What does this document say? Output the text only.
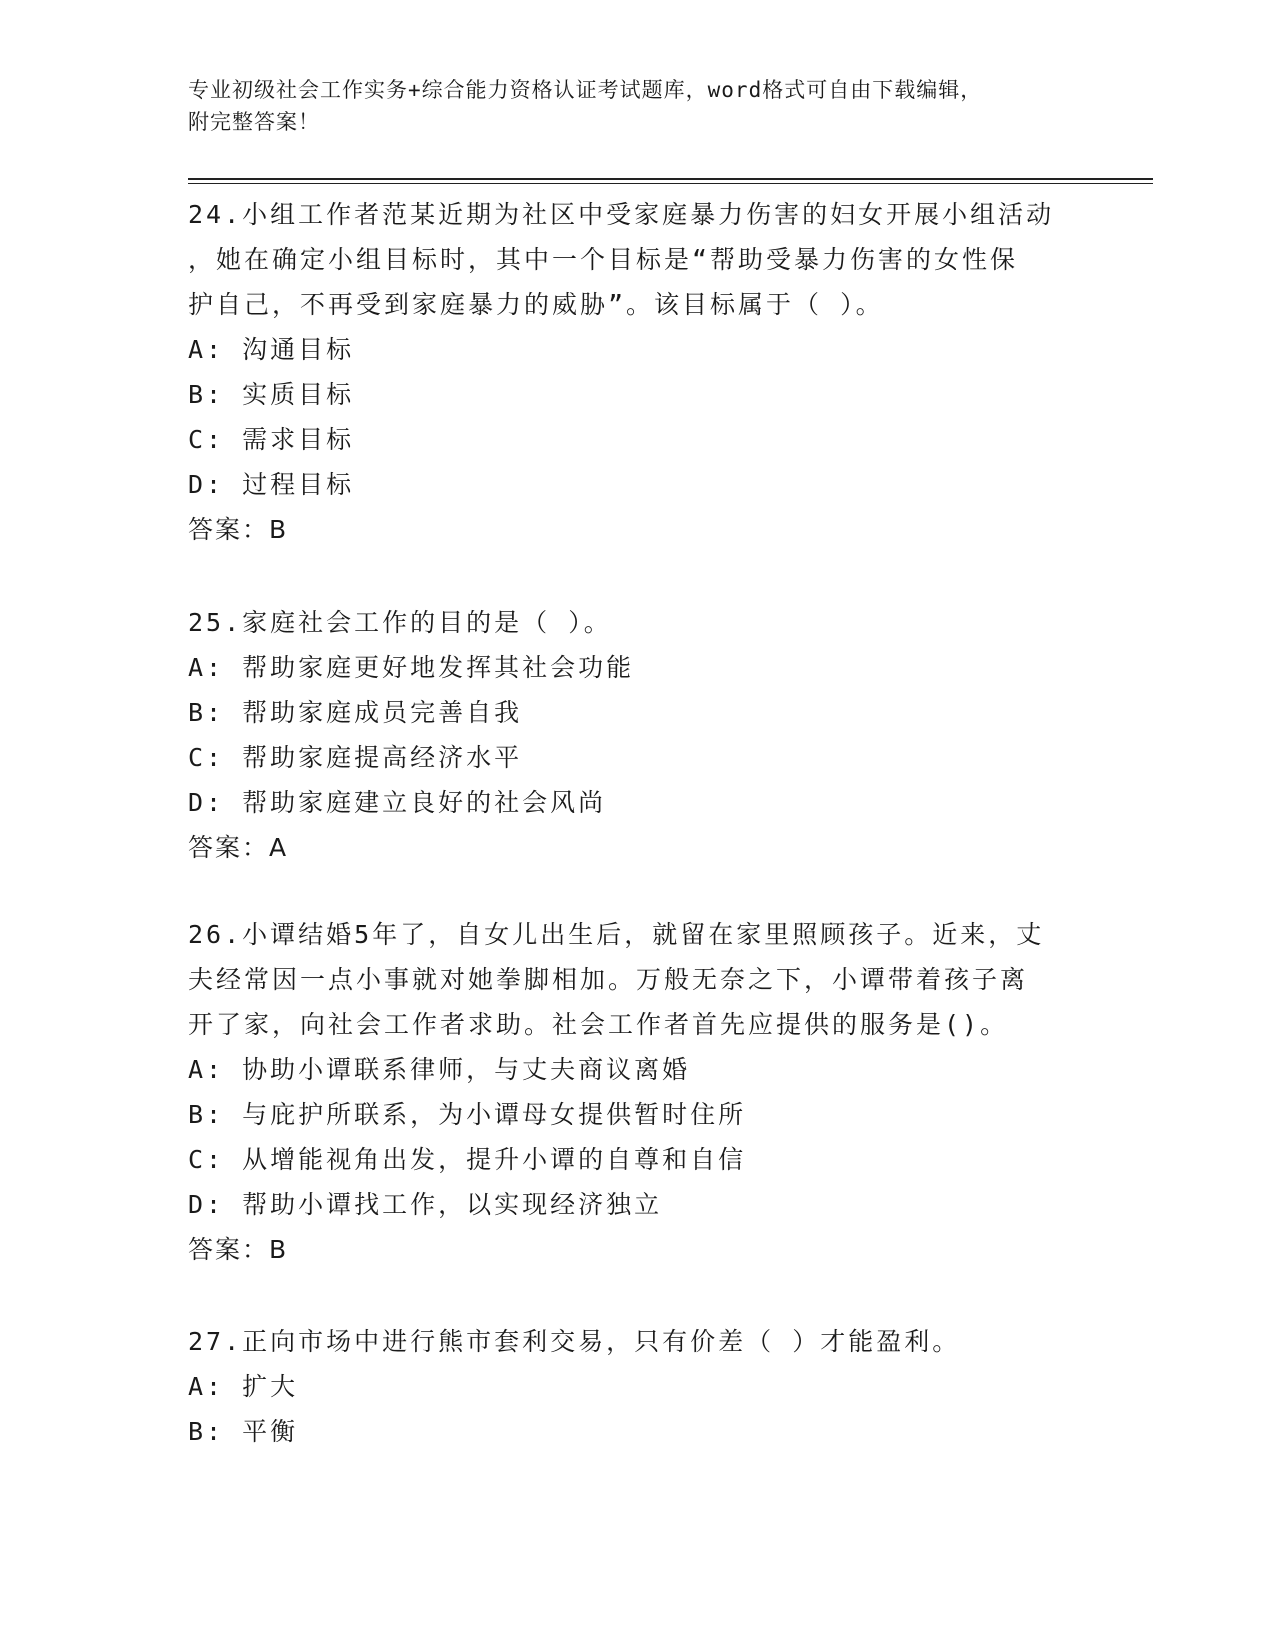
专业初级社会工作实务+综合能力资格认证考试题库，word格式可自由下载编辑，
附完整答案！
24.小组工作者范某近期为社区中受家庭暴力伤害的妇女开展小组活动
，她在确定小组目标时，其中一个目标是“帮助受暴力伤害的女性保
护自己，不再受到家庭暴力的威胁”。该目标属于（ ）。
A: 沟通目标
B: 实质目标
C: 需求目标
D: 过程目标
答案：B
25.家庭社会工作的目的是（ ）。
A: 帮助家庭更好地发挥其社会功能
B: 帮助家庭成员完善自我
C: 帮助家庭提高经济水平
D: 帮助家庭建立良好的社会风尚
答案：A
26.小谭结婚5年了，自女儿出生后，就留在家里照顾孩子。近来，丈
夫经常因一点小事就对她拳脚相加。万般无奈之下，小谭带着孩子离
开了家，向社会工作者求助。社会工作者首先应提供的服务是()。
A: 协助小谭联系律师，与丈夫商议离婚
B: 与庇护所联系，为小谭母女提供暂时住所
C: 从增能视角出发，提升小谭的自尊和自信
D: 帮助小谭找工作，以实现经济独立
答案：B
27.正向市场中进行熊市套利交易，只有价差（ ）才能盈利。
A: 扩大
B: 平衡
